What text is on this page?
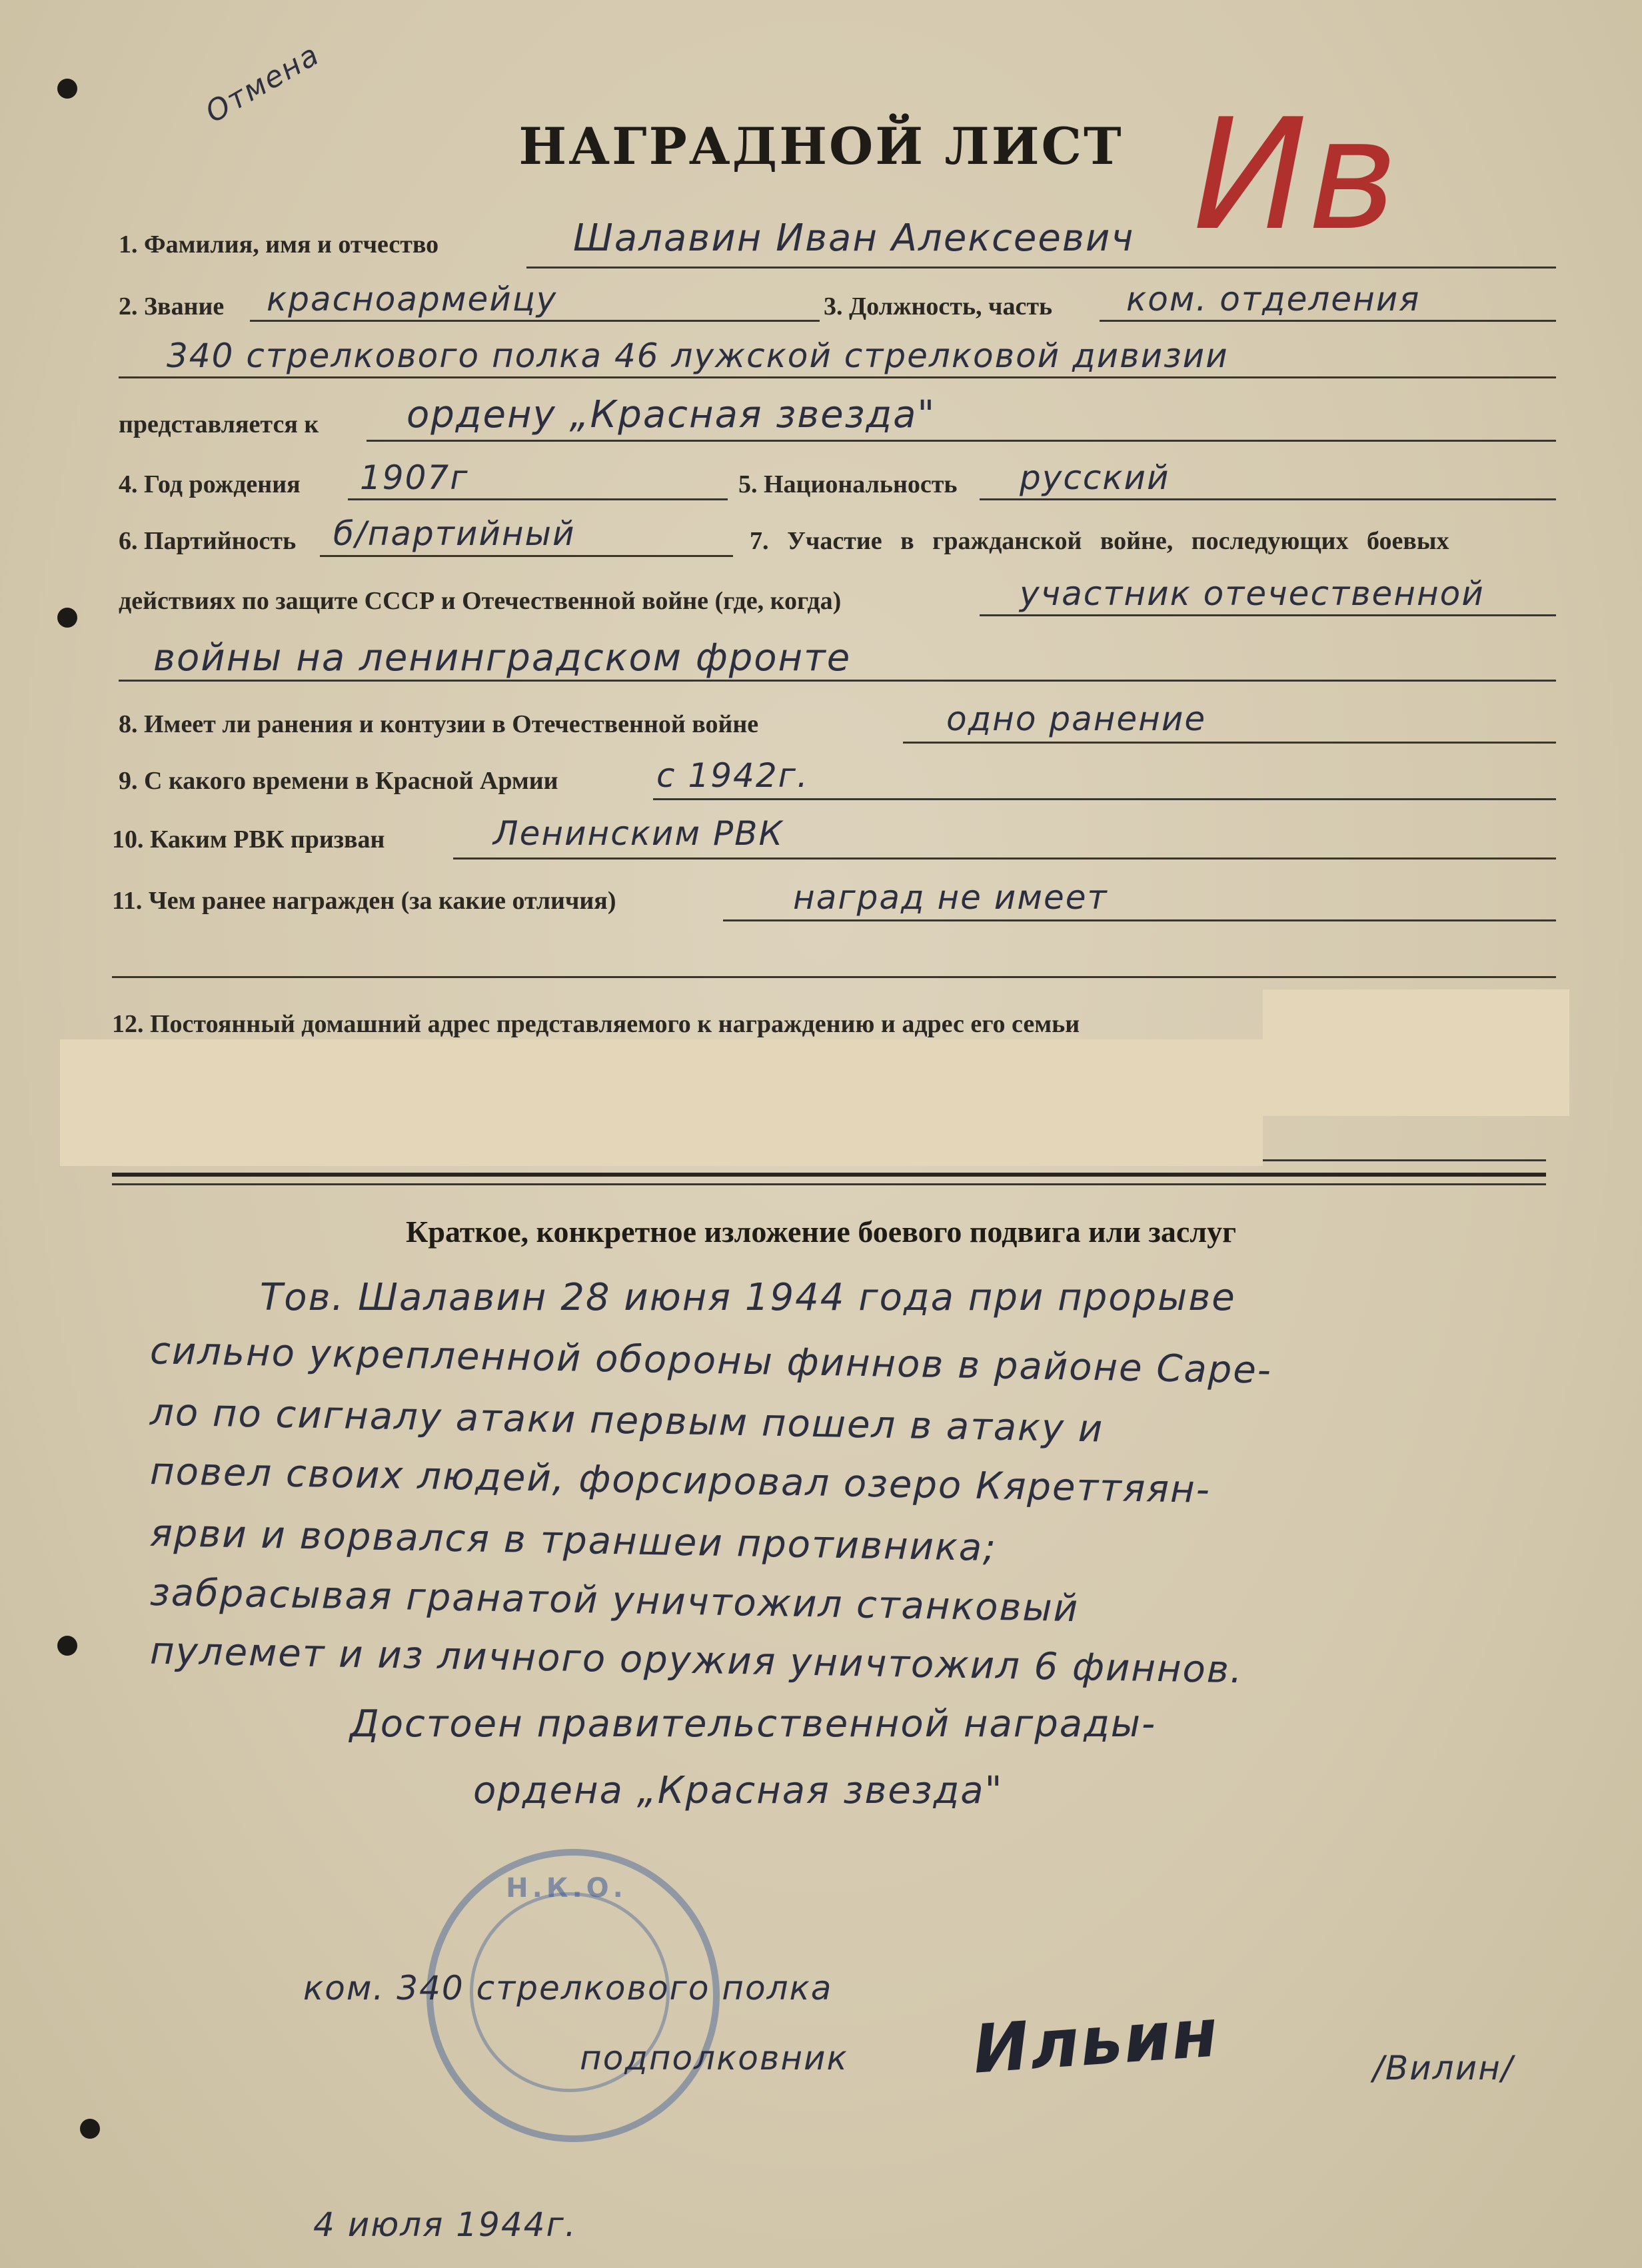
Отмена
НАГРАДНОЙ ЛИСТ Ив
1. Фамилия, имя и отчество	Шалавин Иван Алексеевич
2. Звание красноармейцу	3. Должность, часть ком. отделения
340 стрелкового полка 46 лужской стрелковой дивизии
представляется к ордену „Красная звезда"
4. Год рождения 1907г	5. Национальность русский
6. Партийность б/партийный	7. Участие в гражданской войне, последующих боевых
действиях по защите СССР и Отечественной войне (где, когда)	участник отечественной
войны на ленинградском фронте
8. Имеет ли ранения и контузии в Отечественной войне	одно ранение
9. С какого времени в Красной Армии	с 1942г.
10. Каким РВК призван	Ленинским РВК
11. Чем ранее награжден (за какие отличия)	наград не имеет
12. Постоянный домашний адрес представляемого к награждению и адрес его семьи
Краткое, конкретное изложение боевого подвига или заслуг
Тов. Шалавин 28 июня 1944 года при прорыве
сильно укрепленной обороны финнов в районе Саре-
ло по сигналу атаки первым пошел в атаку и
повел своих людей, форсировал озеро Кяреттяян-
ярви и ворвался в траншеи противника;
забрасывая гранатой уничтожил станковый
пулемет и из личного оружия уничтожил 6 финнов.
Достоен правительственной награды-
ордена „Красная звезда"
Н.К.О.
ком. 340 стрелкового полка
подполковник Ильин	/Вилин/
4 июля 1944г.
